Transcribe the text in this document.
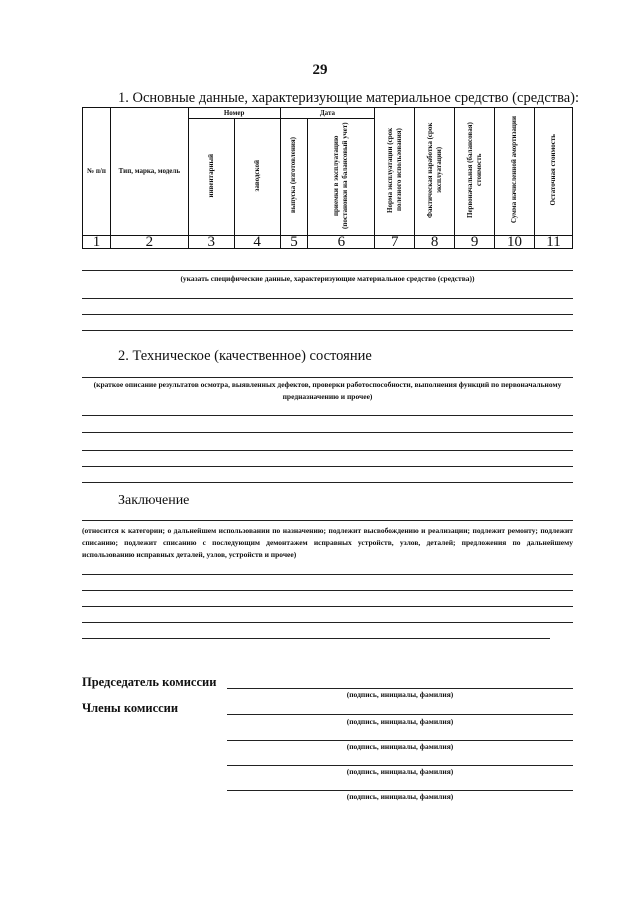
29
1. Основные данные, характеризующие материальное средство (средства):
№ п/п	Тип, марка, модель	Номер		Дата		Норма эксплуатации (срок полезного использования)	Фактическая наработка (срок эксплуатации)	Первоначальная (балансовая) стоимость	Сумма начисленной амортизации	Остаточная стоимость
		инвентарный	заводской	выпуска (изготовления)	приемки в эксплуатацию (постановки на балансовый учет)					
1	2	3	4	5	6	7	8	9	10	11
(указать специфические данные, характеризующие материальное средство (средства))
2. Техническое (качественное) состояние
(краткое описание результатов осмотра, выявленных дефектов, проверки работоспособности, выполнения функций по первоначальному предназначению и прочее)
Заключение
(относится к категории; о дальнейшем использовании по назначению; подлежит высвобождению и реализации; подлежит ремонту; подлежит списанию; подлежит списанию с последующим демонтажем исправных устройств, узлов, деталей; предложения по дальнейшему использованию исправных деталей, узлов, устройств и прочее)
Председатель комиссии
(подпись, инициалы, фамилия)
Члены комиссии
(подпись, инициалы, фамилия)
(подпись, инициалы, фамилия)
(подпись, инициалы, фамилия)
(подпись, инициалы, фамилия)
